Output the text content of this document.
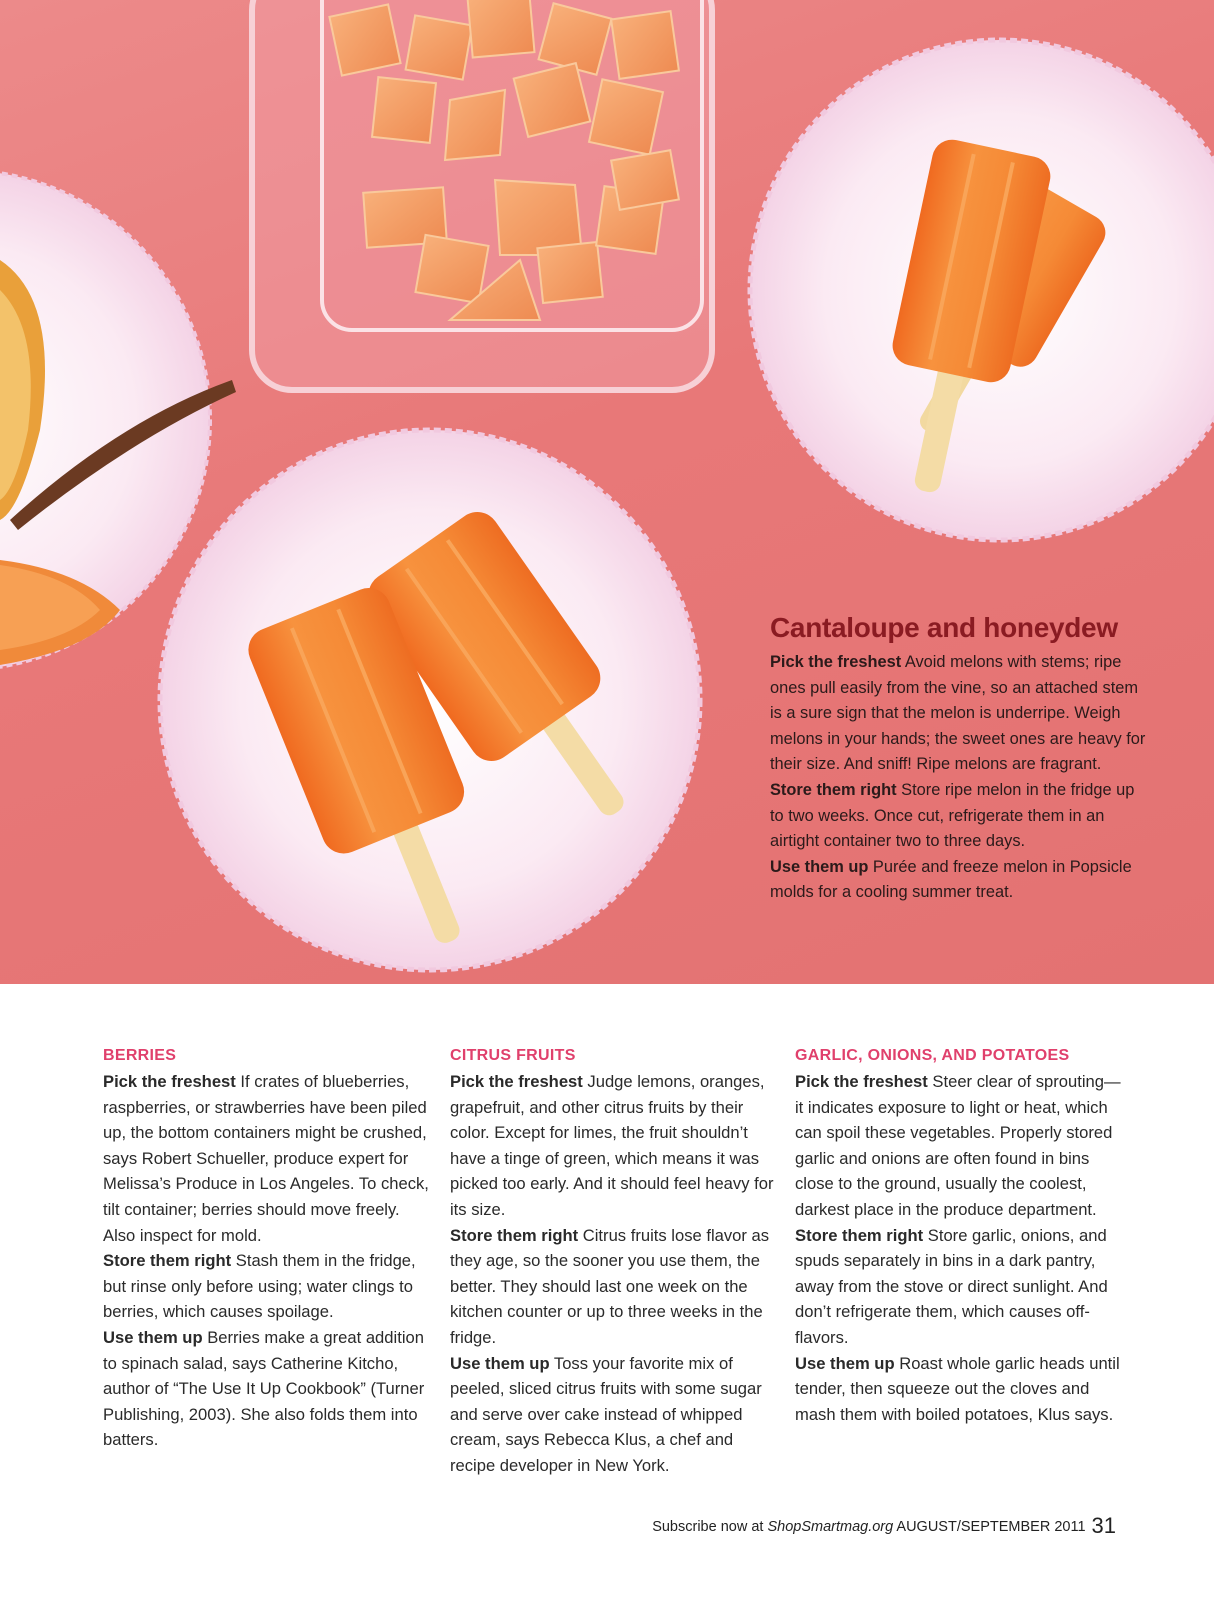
Cantaloupe and honeydew

Pick the freshest Avoid melons with stems; ripe ones pull easily from the vine, so an attached stem is a sure sign that the melon is underripe. Weigh melons in your hands; the sweet ones are heavy for their size. And sniff! Ripe melons are fragrant.
Store them right Store ripe melon in the fridge up to two weeks. Once cut, refrigerate them in an airtight container two to three days.
Use them up Purée and freeze melon in Popsicle molds for a cooling summer treat.

BERRIES

Pick the freshest If crates of blueberries, raspberries, or strawberries have been piled up, the bottom containers might be crushed, says Robert Schueller, produce expert for Melissa’s Produce in Los Angeles. To check, tilt container; berries should move freely. Also inspect for mold.
Store them right Stash them in the fridge, but rinse only before using; water clings to berries, which causes spoilage.
Use them up Berries make a great addition to spinach salad, says Catherine Kitcho, author of “The Use It Up Cookbook” (Turner Publishing, 2003). She also folds them into batters.

CITRUS FRUITS

Pick the freshest Judge lemons, oranges, grapefruit, and other citrus fruits by their color. Except for limes, the fruit shouldn’t have a tinge of green, which means it was picked too early. And it should feel heavy for its size.
Store them right Citrus fruits lose flavor as they age, so the sooner you use them, the better. They should last one week on the kitchen counter or up to three weeks in the fridge.
Use them up Toss your favorite mix of peeled, sliced citrus fruits with some sugar and serve over cake instead of whipped cream, says Rebecca Klus, a chef and recipe developer in New York.

GARLIC, ONIONS, AND POTATOES

Pick the freshest Steer clear of sprouting—it indicates exposure to light or heat, which can spoil these vegetables. Properly stored garlic and onions are often found in bins close to the ground, usually the coolest, darkest place in the produce department.
Store them right Store garlic, onions, and spuds separately in bins in a dark pantry, away from the stove or direct sunlight. And don’t refrigerate them, which causes off-flavors.
Use them up Roast whole garlic heads until tender, then squeeze out the cloves and mash them with boiled potatoes, Klus says.

Subscribe now at ShopSmartmag.org AUGUST/SEPTEMBER 2011 31
